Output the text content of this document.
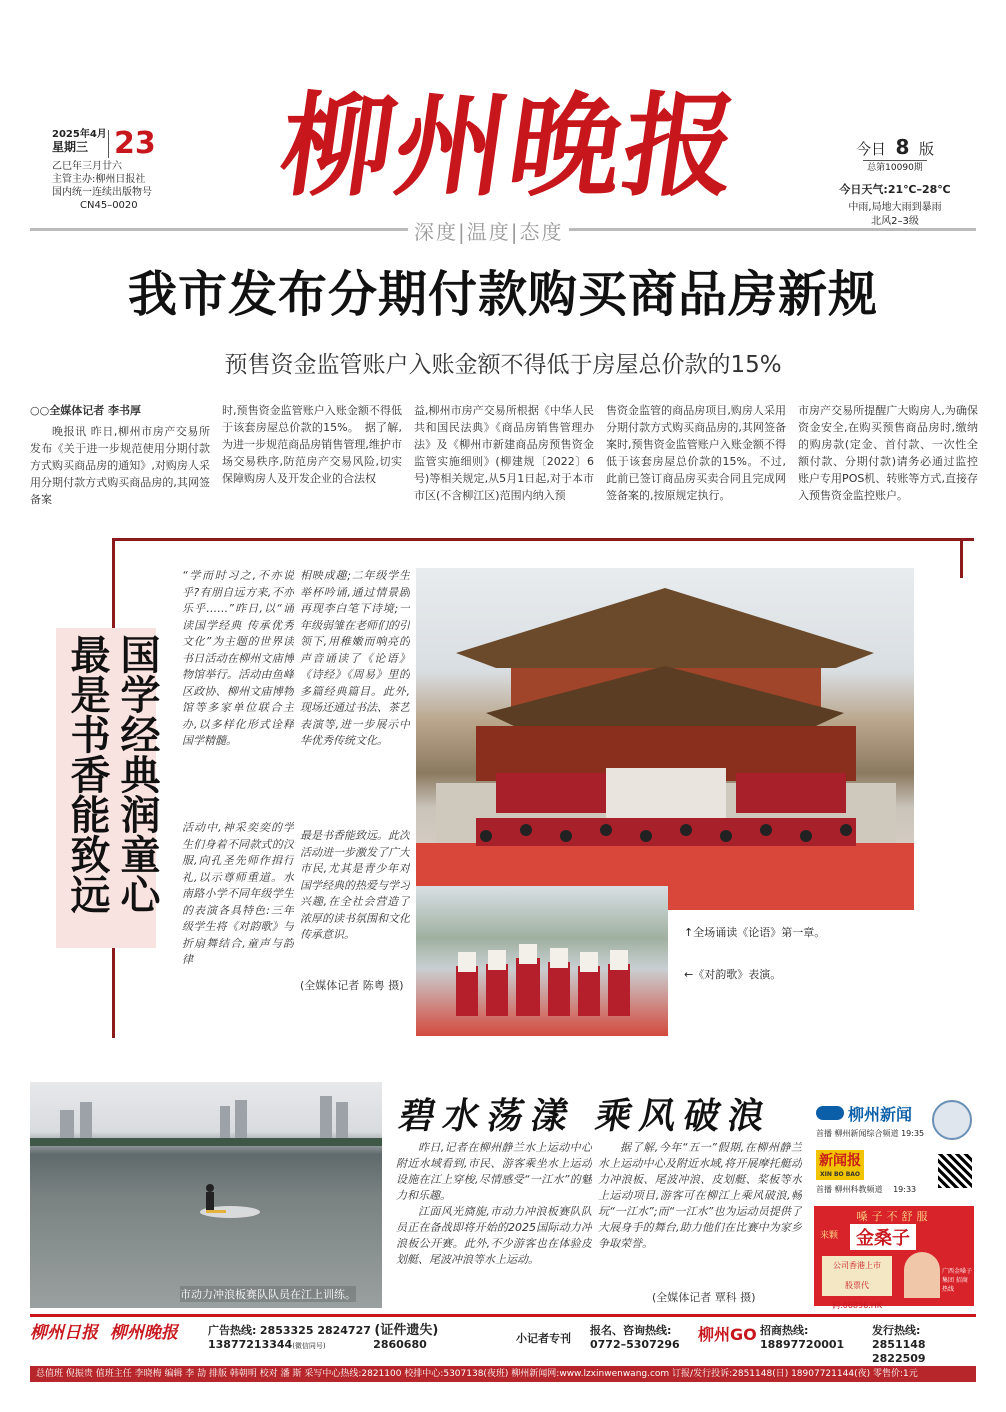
2025年4月
星期三 23
乙巳年三月廿六
主管主办:柳州日报社
国内统一连续出版物号
CN45–0020	柳州晚报
深度|温度|态度
今日 8 版
总第10090期
今日天气:21℃–28℃
中雨,局地大雨到暴雨
北风2–3级
我市发布分期付款购买商品房新规
预售资金监管账户入账金额不得低于房屋总价款的15%
○○全媒体记者 李书厚
晚报讯 昨日,柳州市房产交易所发布《关于进一步规范使用分期付款方式购买商品房的通知》,对购房人采用分期付款方式购买商品房的,其网签备案
时,预售资金监管账户入账金额不得低于该套房屋总价款的15%。　据了解,为进一步规范商品房销售管理,维护市场交易秩序,防范房产交易风险,切实保障购房人及开发企业的合法权
益,柳州市房产交易所根据《中华人民共和国民法典》《商品房销售管理办法》及《柳州市新建商品房预售资金监管实施细则》(柳建规〔2022〕6号)等相关规定,从5月1日起,对于本市市区(不含柳江区)范围内纳入预
售资金监管的商品房项目,购房人采用分期付款方式购买商品房的,其网签备案时,预售资金监管账户入账金额不得低于该套房屋总价款的15%。不过,此前已签订商品房买卖合同且完成网签备案的,按原规定执行。
市房产交易所提醒广大购房人,为确保资金安全,在购买预售商品房时,缴纳的购房款(定金、首付款、一次性全额付款、分期付款)请务必通过监控账户专用POS机、转账等方式,直接存入预售资金监控账户。
国学经典润童心
最是书香能致远
“学而时习之,不亦说乎?有朋自远方来,不亦乐乎……”昨日,以“诵读国学经典 传承优秀文化”为主题的世界读书日活动在柳州文庙博物馆举行。活动由鱼峰区政协、柳州文庙博物馆等多家单位联合主办,以多样化形式诠释国学精髓。
活动中,神采奕奕的学生们身着不同款式的汉服,向孔圣先师作揖行礼,以示尊师重道。水南路小学不同年级学生的表演各具特色:三年级学生将《对韵歌》与折扇舞结合,童声与韵律
相映成趣;二年级学生举杯吟诵,通过情景剧再现李白笔下诗境;一年级弱雏在老师们的引领下,用稚嫩而响亮的声音诵读了《论语》《诗经》《周易》里的多篇经典篇目。此外,现场还通过书法、茶艺表演等,进一步展示中华优秀传统文化。
最是书香能致远。此次活动进一步激发了广大市民,尤其是青少年对国学经典的热爱与学习兴趣,在全社会营造了浓厚的读书氛围和文化传承意识。
(全媒体记者 陈粤 摄)
↑全场诵读《论语》第一章。
←《对韵歌》表演。
市动力冲浪板赛队队员在江上训练。
碧水荡漾 乘风破浪
昨日,记者在柳州静兰水上运动中心附近水域看到,市民、游客乘坐水上运动设施在江上穿梭,尽情感受“一江水”的魅力和乐趣。
江面风光旖旎,市动力冲浪板赛队队员正在备战即将开始的2025国际动力冲浪板公开赛。此外,不少游客也在体验皮划艇、尾波冲浪等水上运动。
据了解,今年“五一”假期,在柳州静兰水上运动中心及附近水域,将开展摩托艇动力冲浪板、尾波冲浪、皮划艇、桨板等水上运动项目,游客可在柳江上乘风破浪,畅玩“一江水”;而“一江水”也为运动员提供了大展身手的舞台,助力他们在比赛中为家乡争取荣誉。
(全媒体记者 覃科 摄)
柳州新闻
首播 柳州新闻综合频道 19:35
新闻报
XIN BO BAO
首播 柳州科教频道 19:33
嗓子不舒服
来颗 金桑子
公司香港上市
股票代码:06896.HK
广西金嗓子集团 招商热线
柳州日报 柳州晚报	广告热线: 2853325 2824727 (证件遗失)
13877213344(微信同号)	2860680	小记者专刊
报名、咨询热线:
0772–5307296
柳州GO 招商热线:
18897720001
发行热线:
2851148 2822509
总值班 倪振贵 值班主任 李晓梅 编辑 李 劼 排版 韩朝明 校对 潘 斯 采写中心热线:2821100 校排中心:5307138(夜班) 柳州新闻网:www.lzxinwenwang.com 订报/发行投诉:2851148(日) 18907721144(夜) 零售价:1元
